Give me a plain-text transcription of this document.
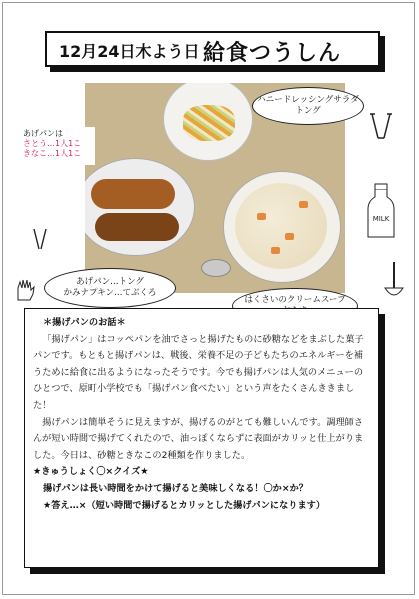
12月24日木よう日 給食つうしん
あげパンは
さとう…1人1こ
きなこ…1人1こ
ハニードレッシングサラダ
トング
あげパン…トング
かみナプキン…てぶくろ
はくさいのクリームスープ
MILK
＊揚げパンのお話＊
「揚げパン」はコッペパンを油でさっと揚げたものに砂糖などをまぶした菓子パンです。もともと揚げパンは、戦後、栄養不足の子どもたちのエネルギーを補うために給食に出るようになったそうです。今でも揚げパンは人気のメニューのひとつで、原町小学校でも「揚げパン食べたい」という声をたくさんききました！
揚げパンは簡単そうに見えますが、揚げるのがとても難しいんです。調理師さんが短い時間で揚げてくれたので、油っぽくならずに表面がカリッと仕上がりました。今日は、砂糖ときなこの2種類を作りました。
★きゅうしょく〇×クイズ★
揚げパンは長い時間をかけて揚げると美味しくなる！〇か×か？
★答え…×（短い時間で揚げるとカリッとした揚げパンになります）
